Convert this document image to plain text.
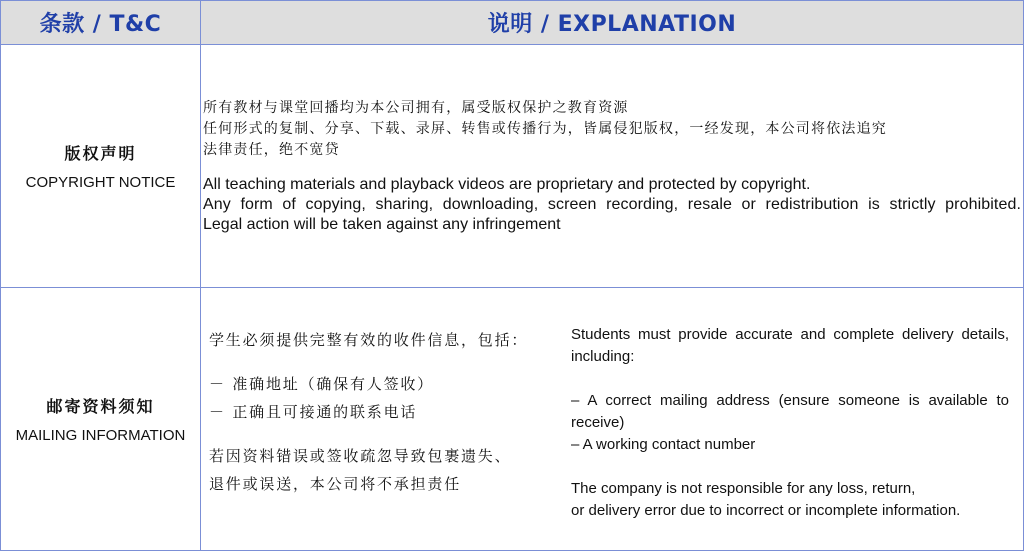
条款 / T&C	说明 / EXPLANATION
版权声明
COPYRIGHT NOTICE
所有教材与课堂回播均为本公司拥有，属受版权保护之教育资源
任何形式的复制、分享、下载、录屏、转售或传播行为，皆属侵犯版权，一经发现，本公司将依法追究
法律责任，绝不宽贷
All teaching materials and playback videos are proprietary and protected by copyright.
Any form of copying, sharing, downloading, screen recording, resale or redistribution is strictly prohibited.
Legal action will be taken against any infringement
邮寄资料须知
MAILING INFORMATION
学生必须提供完整有效的收件信息，包括：
－ 准确地址（确保有人签收）
－ 正确且可接通的联系电话
若因资料错误或签收疏忽导致包裹遗失、
退件或误送，本公司将不承担责任
Students must provide accurate and complete delivery details, including:
– A correct mailing address (ensure someone is available to receive)
– A working contact number
The company is not responsible for any loss, return,
or delivery error due to incorrect or incomplete information.
